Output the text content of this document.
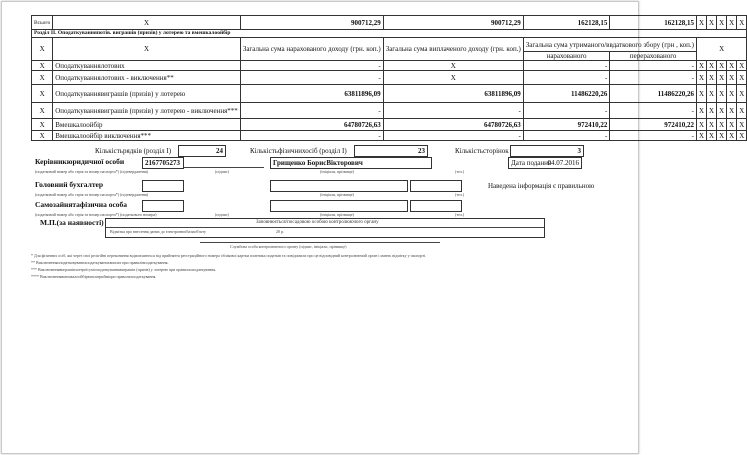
Всього	X	900712,29	900712,29	162128,15	162128,15	X	X	X	X	X
Розділ ІІ. Оподаткуванняпотів. виграшів (призів) у лотерею та вмешкалоойбір										
X	X	Загальна сума нарахованого доходу (грн. коп.)	Загальна сума виплаченого доходу (грн. коп.)	Загальна сума утриманого/ввдаткового збору (грн , коп.)		X				
				нарахованого	перерахованого					
X	Оподаткуваннялотових	-	X	-	-	X	X	X	X	X
X	Оподаткуваннялотових - виключення**	-	X	-	-	X	X	X	X	X
X	Оподаткуваннявиграшів (призів) у лотерею	63811896,09	63811896,09	11486220,26	11486220,26	X	X	X	X	X
X	Оподаткуваннявиграшів (призів) у лотерею - виключення***	-	-	-	-	X	X	X	X	X
X	Вмешкалоойбір	64780726,63	64780726,63	972410,22	972410,22	X	X	X	X	X
X	Вмешкалоойбір виключення***	-	-	-	-	X	X	X	X	X
Кількістьрядків (розділ І)	24	Кількістьфізичнихосіб (розділ І)	23	Кількістьсторінок	3
Керівникюридичної особи	2167705273	Грищенко БорисВікторович	Дата подання
04.07.2016
(податковий номер або серія та номер паспорта*) (підтвердження)	(підпис)	(ініціали, прізвище)	(тел.)
Головний бухгалтер	Наведена інформація є правильною
(податковий номер або серія та номер паспорта*) (підтвердження)	(ініціали, прізвище)	(тел.)
Самозайнятафізична особа
(податковий номер або серія та номер паспорта*) (податкового номера)	(підпис)	(ініціали, прізвище)	(тел.)
М.П.(за наявності)	Заповнюється/посадовою особою контролюючого органу
Відмітка про внесення даних до електронноїбазиоб'єкту	20 р.
Службова особа контролюючого органу (підпис, ініціали, прізвище)
* Для фізичних осіб, які через свої релігійні переконання відмовляються від прийняття реєстраційного номера облікової картки платника податків та повідомили про це відповідний контролюючий орган і мають відмітку у паспорті.
** Виключенняоподатковуванихподаткуванихвиплат при правилівподаткування.
*** Виключеннявиграшівлотереїсуміоподаткуваннявиграшів (призів) у лотерею при правилахподаткування.
**** Виключеннявмешкалоойбірвиплатрийміпри правилахподаткування.
